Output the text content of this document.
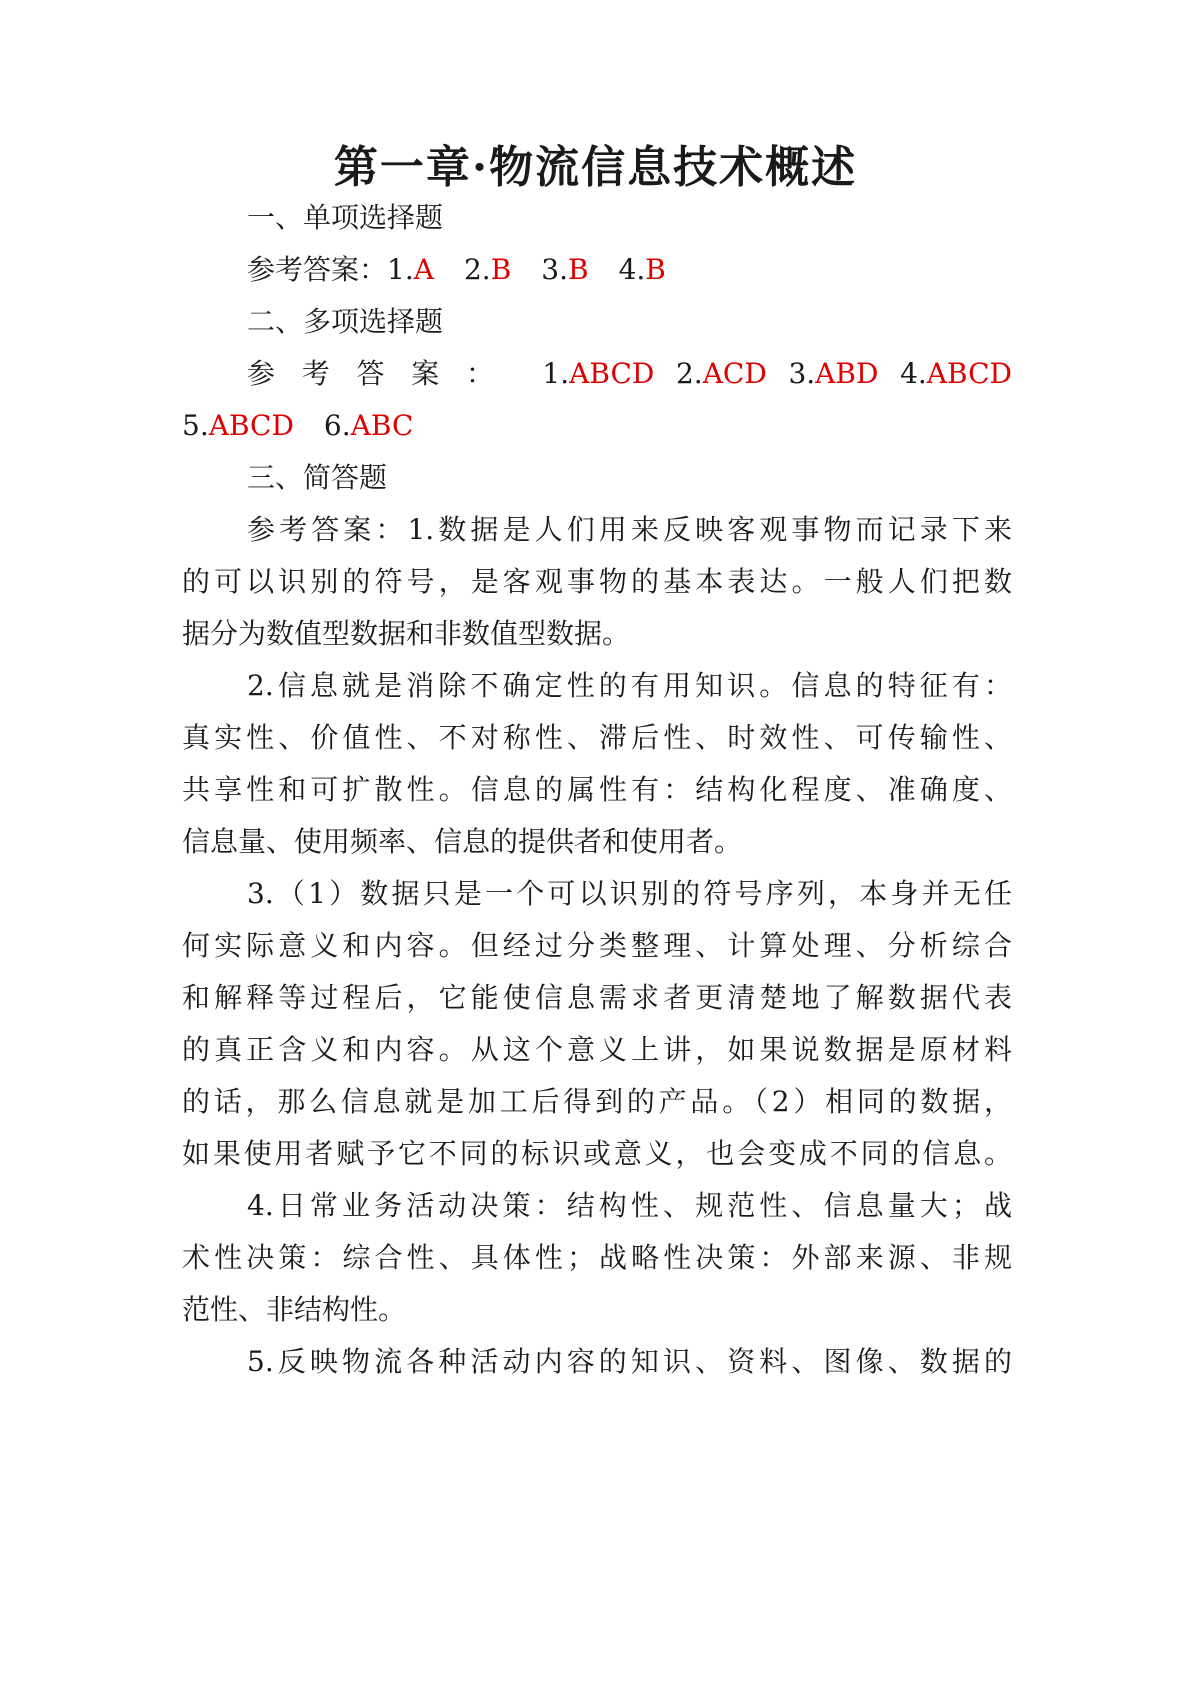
第一章·物流信息技术概述
一、单项选择题
参考答案：1.A 2.B 3.B 4.B
二、多项选择题
参考答案： 1.ABCD 2.ACD 3.ABD 4.ABCD
5.ABCD 6.ABC
三、简答题
参考答案：1.数据是人们用来反映客观事物而记录下来
的可以识别的符号，是客观事物的基本表达。一般人们把数
据分为数值型数据和非数值型数据。
2.信息就是消除不确定性的有用知识。信息的特征有：
真实性、价值性、不对称性、滞后性、时效性、可传输性、
共享性和可扩散性。信息的属性有：结构化程度、准确度、
信息量、使用频率、信息的提供者和使用者。
3.（1）数据只是一个可以识别的符号序列，本身并无任
何实际意义和内容。但经过分类整理、计算处理、分析综合
和解释等过程后，它能使信息需求者更清楚地了解数据代表
的真正含义和内容。从这个意义上讲，如果说数据是原材料
的话，那么信息就是加工后得到的产品。（2）相同的数据，
如果使用者赋予它不同的标识或意义，也会变成不同的信息。
4.日常业务活动决策：结构性、规范性、信息量大；战
术性决策：综合性、具体性；战略性决策：外部来源、非规
范性、非结构性。
5.反映物流各种活动内容的知识、资料、图像、数据的
